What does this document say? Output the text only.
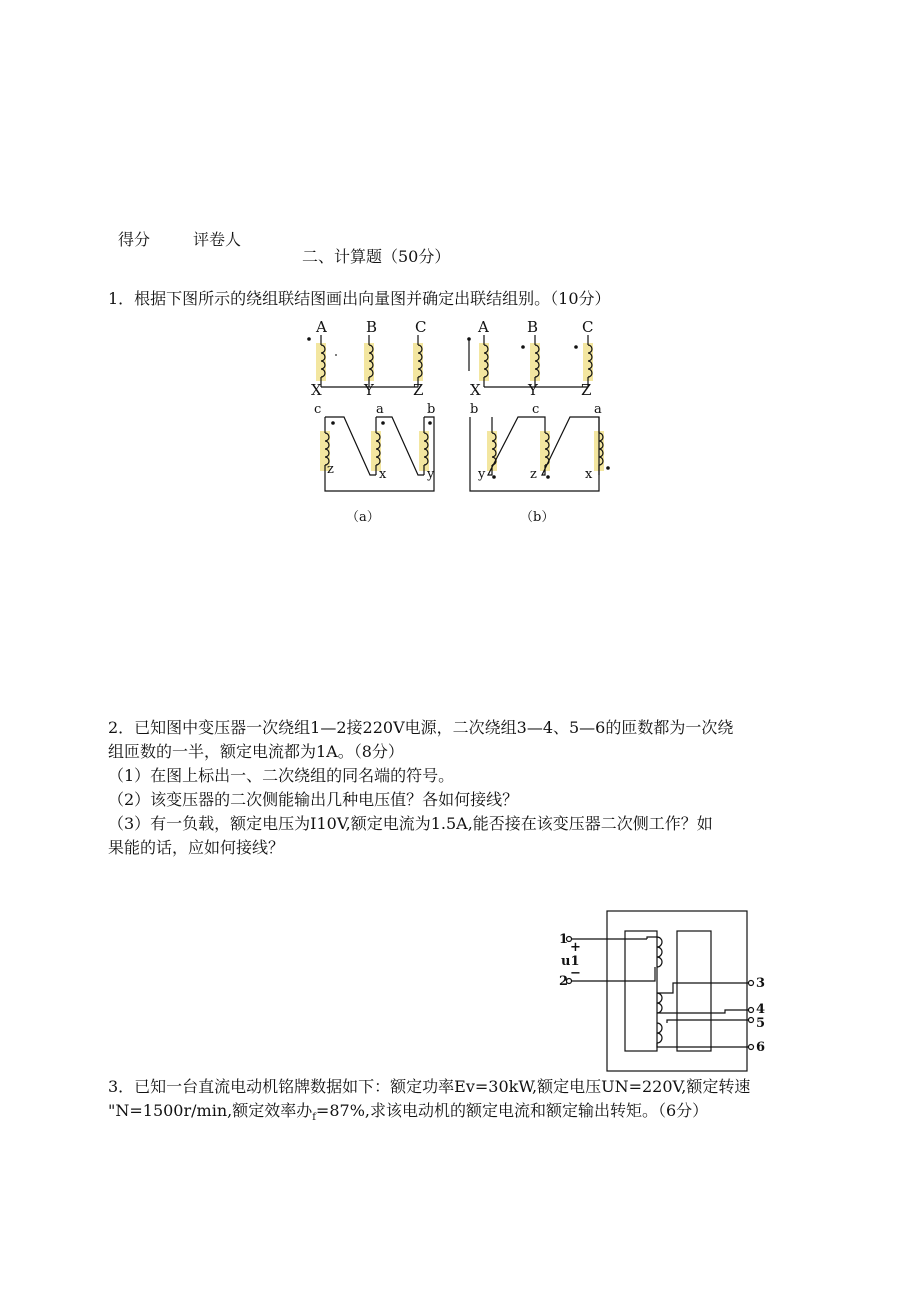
得分	评卷人
二、计算题（50分）
1．根据下图所示的绕组联结图画出向量图并确定出联结组别。（10分）
A	B	C
X	Y	Z
c	a	b
z	x	y
（a）
A	B	C
X	Y	Z
b	c	a
y	z	x
（b）
2．已知图中变压器一次绕组1—2接220V电源，二次绕组3—4、5—6的匝数都为一次绕
组匝数的一半，额定电流都为1A。（8分）
（1）在图上标出一、二次绕组的同名端的符号。
（2）该变压器的二次侧能输出几种电压值？各如何接线？
（3）有一负载，额定电压为I10V,额定电流为1.5A,能否接在该变压器二次侧工作？如
果能的话，应如何接线？
1
+
u1
−
2	3
4
5
6
3．已知一台直流电动机铭牌数据如下：额定功率Ev=30kW,额定电压UN=220V,额定转速
"N=1500r/min,额定效率办$_f$=87%,求该电动机的额定电流和额定输出转矩。（6分）
